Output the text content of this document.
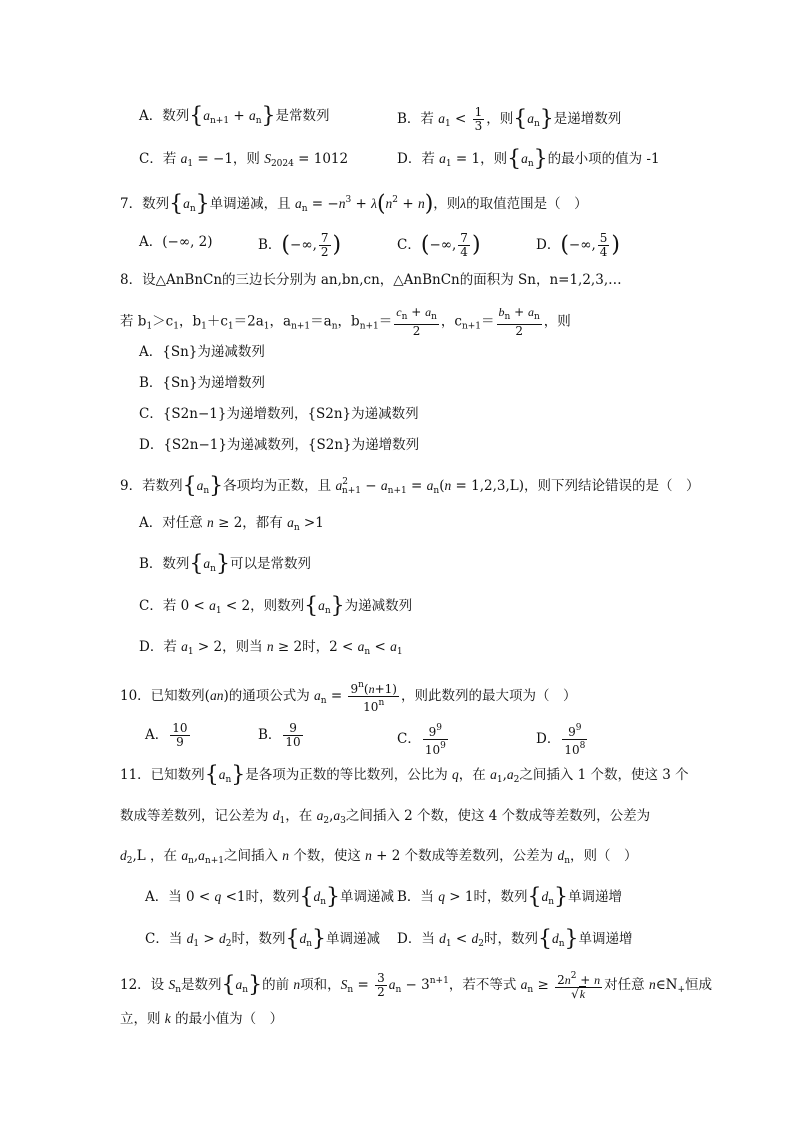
A．数列$\{a_{n+1} + a_n\}$是常数列	B．若 $a_1 < \frac{1}{3}$ ，则$\{a_n\}$是递增数列
C．若 $a_1 = -1$，则 $S_{2024} = 1012$	D．若 $a_1 = 1$，则$\{a_n\}$的最小项的值为 -1
7．数列$\{a_n\}$单调递减，且 $a_n = -n^3 + \lambda(n^2 + n)$，则λ的取值范围是（　）
A．(−∞, 2)	B．(−∞, $\frac{7}{2}$ )	C．(−∞, $\frac{7}{4}$ )	D．(−∞, $\frac{5}{4}$ )
8．设△AnBnCn的三边长分别为 an,bn,cn，△AnBnCn的面积为 Sn，n=1,2,3,…
若 $b_1>c_1$，$b_1+c_1=2a_1$，$a_{n+1}=a_n$，$b_{n+1}= \frac{c_n + a_n}{2}$ ，$c_{n+1}= \frac{b_n + a_n}{2}$ ，则
A．{Sn}为递减数列
B．{Sn}为递增数列
C．{S2n−1}为递增数列，{S2n}为递减数列
D．{S2n−1}为递减数列，{S2n}为递增数列
9．若数列$\{a_n\}$各项均为正数，且 $a^2_{n+1} - a_{n+1} = a_n(n = 1,2,3,L)$，则下列结论错误的是（　）
A．对任意 n ≥ 2，都有 $a_n >1$
B．数列$\{a_n\}$可以是常数列
C．若 $0 < a_1 < 2$，则数列$\{a_n\}$为递减数列
D．若 $a_1 > 2$，则当 n ≥ 2时，$2 < a_n < a_1$
10．已知数列(an)的通项公式为 $a_n = \frac{9^n(n+1)}{10^n}$ ，则此数列的最大项为（　）
A． $\frac{10}{9}$	B． $\frac{9}{10}$	C． $\frac{9^9}{10^9}$	D． $\frac{9^9}{10^8}$
11．已知数列$\{a_n\}$是各项为正数的等比数列，公比为 q，在 $a_1,a_2$之间插入 1 个数，使这 3 个
数成等差数列，记公差为 $d_1$，在 $a_2,a_3$之间插入 2 个数，使这 4 个数成等差数列，公差为
$d_2,L$ ，在 $a_n,a_{n+1}$之间插入 n 个数，使这 n + 2 个数成等差数列，公差为 $d_n$，则（　）
A．当 0 < q <1时，数列$\{d_n\}$单调递减 B．当 q > 1时，数列$\{d_n\}$单调递增
C．当 $d_1 > d_2$时，数列$\{d_n\}$单调递减 D．当 $d_1 < d_2$时，数列$\{d_n\}$单调递增
12．设 $S_n$是数列$\{a_n\}$的前 n项和，$S_n = \frac{3}{2} a_n - 3^{n+1}$，若不等式 $a_n \ge \frac{2n^2 + n}{√k}$ 对任意 $n\in N_+$恒成
立，则 k 的最小值为（　）
